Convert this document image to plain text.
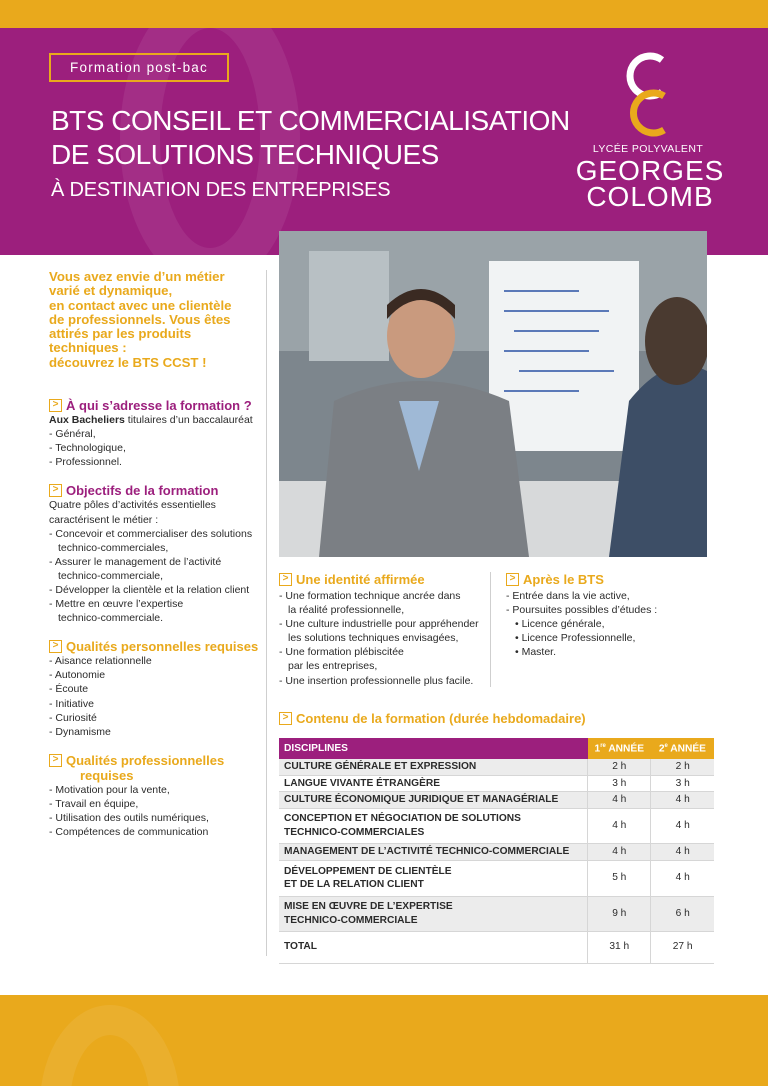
Formation post-bac
BTS CONSEIL ET COMMERCIALISATION
DE SOLUTIONS TECHNIQUES
À DESTINATION DES ENTREPRISES
LYCÉE POLYVALENT
GEORGES
COLOMB
Vous avez envie d’un métier
varié et dynamique,
en contact avec une clientèle
de professionnels. Vous êtes
attirés par les produits
techniques :
découvrez le BTS CCST !
> À qui s’adresse la formation ?
Aux Bacheliers titulaires d’un baccalauréat
- Général,
- Technologique,
- Professionnel.
> Objectifs de la formation
Quatre pôles d’activités essentielles
caractérisent le métier :
- Concevoir et commercialiser des solutions
technico-commerciales,
- Assurer le management de l’activité
technico-commerciale,
- Développer la clientèle et la relation client
- Mettre en œuvre l’expertise
technico-commerciale.
> Qualités personnelles requises
- Aisance relationnelle
- Autonomie
- Écoute
- Initiative
- Curiosité
- Dynamisme
> Qualités professionnelles
requises
- Motivation pour la vente,
- Travail en équipe,
- Utilisation des outils numériques,
- Compétences de communication
> Une identité affirmée
- Une formation technique ancrée dans
la réalité professionnelle,
- Une culture industrielle pour appréhender
les solutions techniques envisagées,
- Une formation plébiscitée
par les entreprises,
- Une insertion professionnelle plus facile.
> Après le BTS
- Entrée dans la vie active,
- Poursuites possibles d’études :
• Licence générale,
• Licence Professionnelle,
• Master.
> Contenu de la formation (durée hebdomadaire)
DISCIPLINES	1re ANNÉE	2e ANNÉE
CULTURE GÉNÉRALE ET EXPRESSION	2 h	2 h
LANGUE VIVANTE ÉTRANGÈRE	3 h	3 h
CULTURE ÉCONOMIQUE JURIDIQUE ET MANAGÉRIALE	4 h	4 h

CONCEPTION ET NÉGOCIATION DE SOLUTIONS
TECHNICO-COMMERCIALES	4 h	4 h
MANAGEMENT DE L’ACTIVITÉ TECHNICO-COMMERCIALE	4 h	4 h

DÉVELOPPEMENT DE CLIENTÈLE
ET DE LA RELATION CLIENT	5 h	4 h

MISE EN ŒUVRE DE L’EXPERTISE
TECHNICO-COMMERCIALE	9 h	6 h
TOTAL	31 h	27 h
